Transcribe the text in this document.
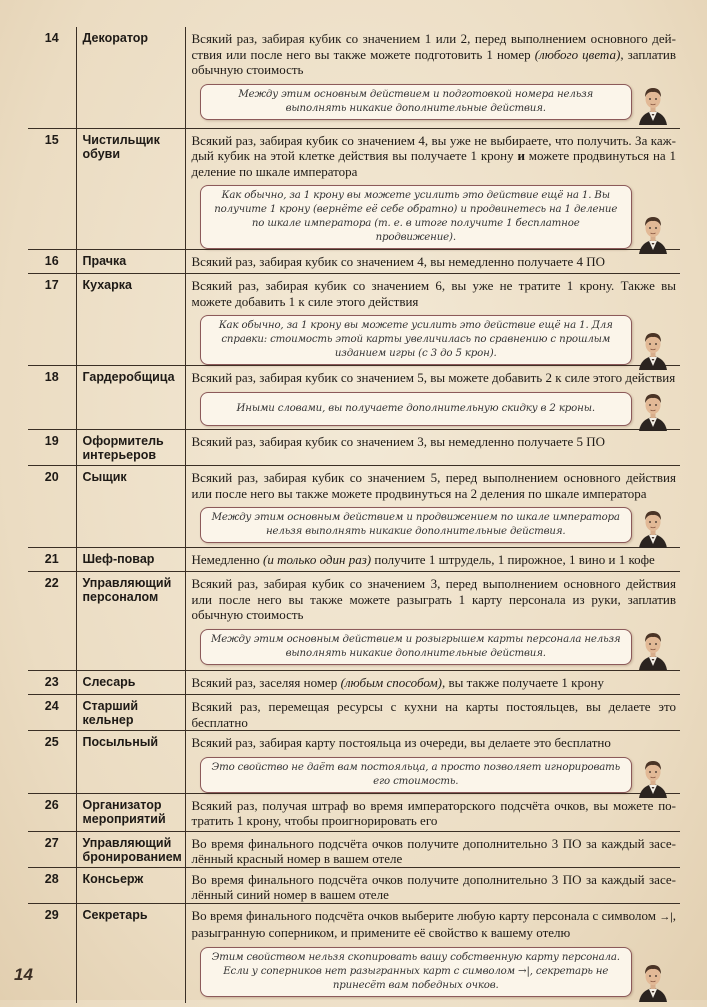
14	Декоратор	Всякий раз, забирая кубик со значением 1 или 2, перед выполнением основного действия или после него вы также можете подготовить 1 номер (любого цвета), заплатив обычную стоимость
Между этим основным действием и подготовкой номера нельзя выполнять никакие дополнительные действия.

15	Чистильщик обуви	Всякий раз, забирая кубик со значением 4, вы уже не выбираете, что получить. За каждый кубик на этой клетке действия вы получаете 1 крону и можете продвинуться на 1 деление по шкале императора
Как обычно, за 1 крону вы можете усилить это действие ещё на 1. Вы получите 1 крону (вернёте её себе обратно) и продвинетесь на 1 деление по шкале императора (т. е. в итоге получите 1 бесплатное продвижение).

16	Прачка	Всякий раз, забирая кубик со значением 4, вы немедленно получаете 4 ПО
17	Кухарка	Всякий раз, забирая кубик со значением 6, вы уже не тратите 1 крону. Также вы можете добавить 1 к силе этого действия
Как обычно, за 1 крону вы можете усилить это действие ещё на 1. Для справки: стоимость этой карты увеличилась по сравнению с прошлым изданием игры (с 3 до 5 крон).

18	Гардеробщица	Всякий раз, забирая кубик со значением 5, вы можете добавить 2 к силе этого действия
Иными словами, вы получаете дополнительную скидку в 2 кроны.

19	Оформитель интерьеров	Всякий раз, забирая кубик со значением 3, вы немедленно получаете 5 ПО
20	Сыщик	Всякий раз, забирая кубик со значением 5, перед выполнением основного действия или после него вы также можете продвинуться на 2 деления по шкале императора
Между этим основным действием и продвижением по шкале императора нельзя выполнять никакие дополнительные действия.

21	Шеф-повар	Немедленно (и только один раз) получите 1 штрудель, 1 пирожное, 1 вино и 1 кофе
22	Управляющий персоналом	Всякий раз, забирая кубик со значением 3, перед выполнением основного действия или после него вы также можете разыграть 1 карту персонала из руки, заплатив обычную стоимость
Между этим основным действием и розыгрышем карты персонала нельзя выполнять никакие дополнительные действия.

23	Слесарь	Всякий раз, заселяя номер (любым способом), вы также получаете 1 крону
24	Старший кельнер	Всякий раз, перемещая ресурсы с кухни на карты постояльцев, вы делаете это бесплатно
25	Посыльный	Всякий раз, забирая карту постояльца из очереди, вы делаете это бесплатно
Это свойство не даёт вам постояльца, а просто позволяет игнорировать его стоимость.

26	Организатор мероприятий	Всякий раз, получая штраф во время императорского подсчёта очков, вы можете потратить 1 крону, чтобы проигнорировать его
27	Управляющий бронированием	Во время финального подсчёта очков получите дополнительно 3 ПО за каждый заселённый красный номер в вашем отеле
28	Консьерж	Во время финального подсчёта очков получите дополнительно 3 ПО за каждый заселённый синий номер в вашем отеле
29	Секретарь	Во время финального подсчёта очков выберите любую карту персонала с символом →|, разыгранную соперником, и примените её свойство к вашему отелю
Этим свойством нельзя скопировать вашу собственную карту персонала. Если у соперников нет разыгранных карт с символом →|, секретарь не принесёт вам победных очков.
14
